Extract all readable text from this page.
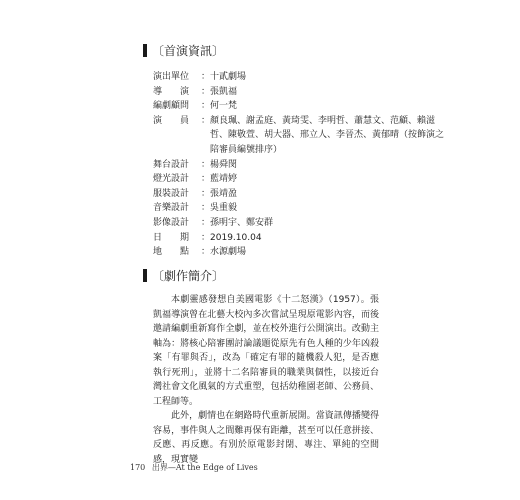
〔首演資訊〕
演出單位	： 十貳劇場
導　　演	： 張凱福
編劇顧問	： 何一梵
演　　員	： 顏良珮、謝孟庭、黃琦雯、李明哲、蕭慧文、范顧、賴滋哲、陳敬萱、胡大器、邢立人、李晉杰、黃郁晴（按飾演之陪審員編號排序）
舞台設計	： 楊舜閔
燈光設計	： 藍靖婷
服裝設計	： 張靖盈
音樂設計	： 吳重毅
影像設計	： 孫明宇、鄭安群
日　　期	： 2019.10.04
地　　點	： 水源劇場
〔劇作簡介〕

本劇靈感發想自美國電影《十二怒漢》（1957）。張凱福導演曾在北藝大校內多次嘗試呈現原電影內容，而後邀請編劇重新寫作全劇，並在校外進行公開演出。改動主軸為：將核心陪審團討論議題從原先有色人種的少年凶殺案「有罪與否」，改為「確定有罪的隨機殺人犯，是否應執行死刑」，並將十二名陪審員的職業與個性，以接近台灣社會文化風氣的方式重塑，包括幼稚園老師、公務員、工程師等。

此外，劇情也在網路時代重新展開。當資訊傳播變得容易，事件與人之間難再保有距離，甚至可以任意拼接、反應、再反應。有別於原電影封閉、專注、單純的空間感，現實變

170 出界—At the Edge of Lives
